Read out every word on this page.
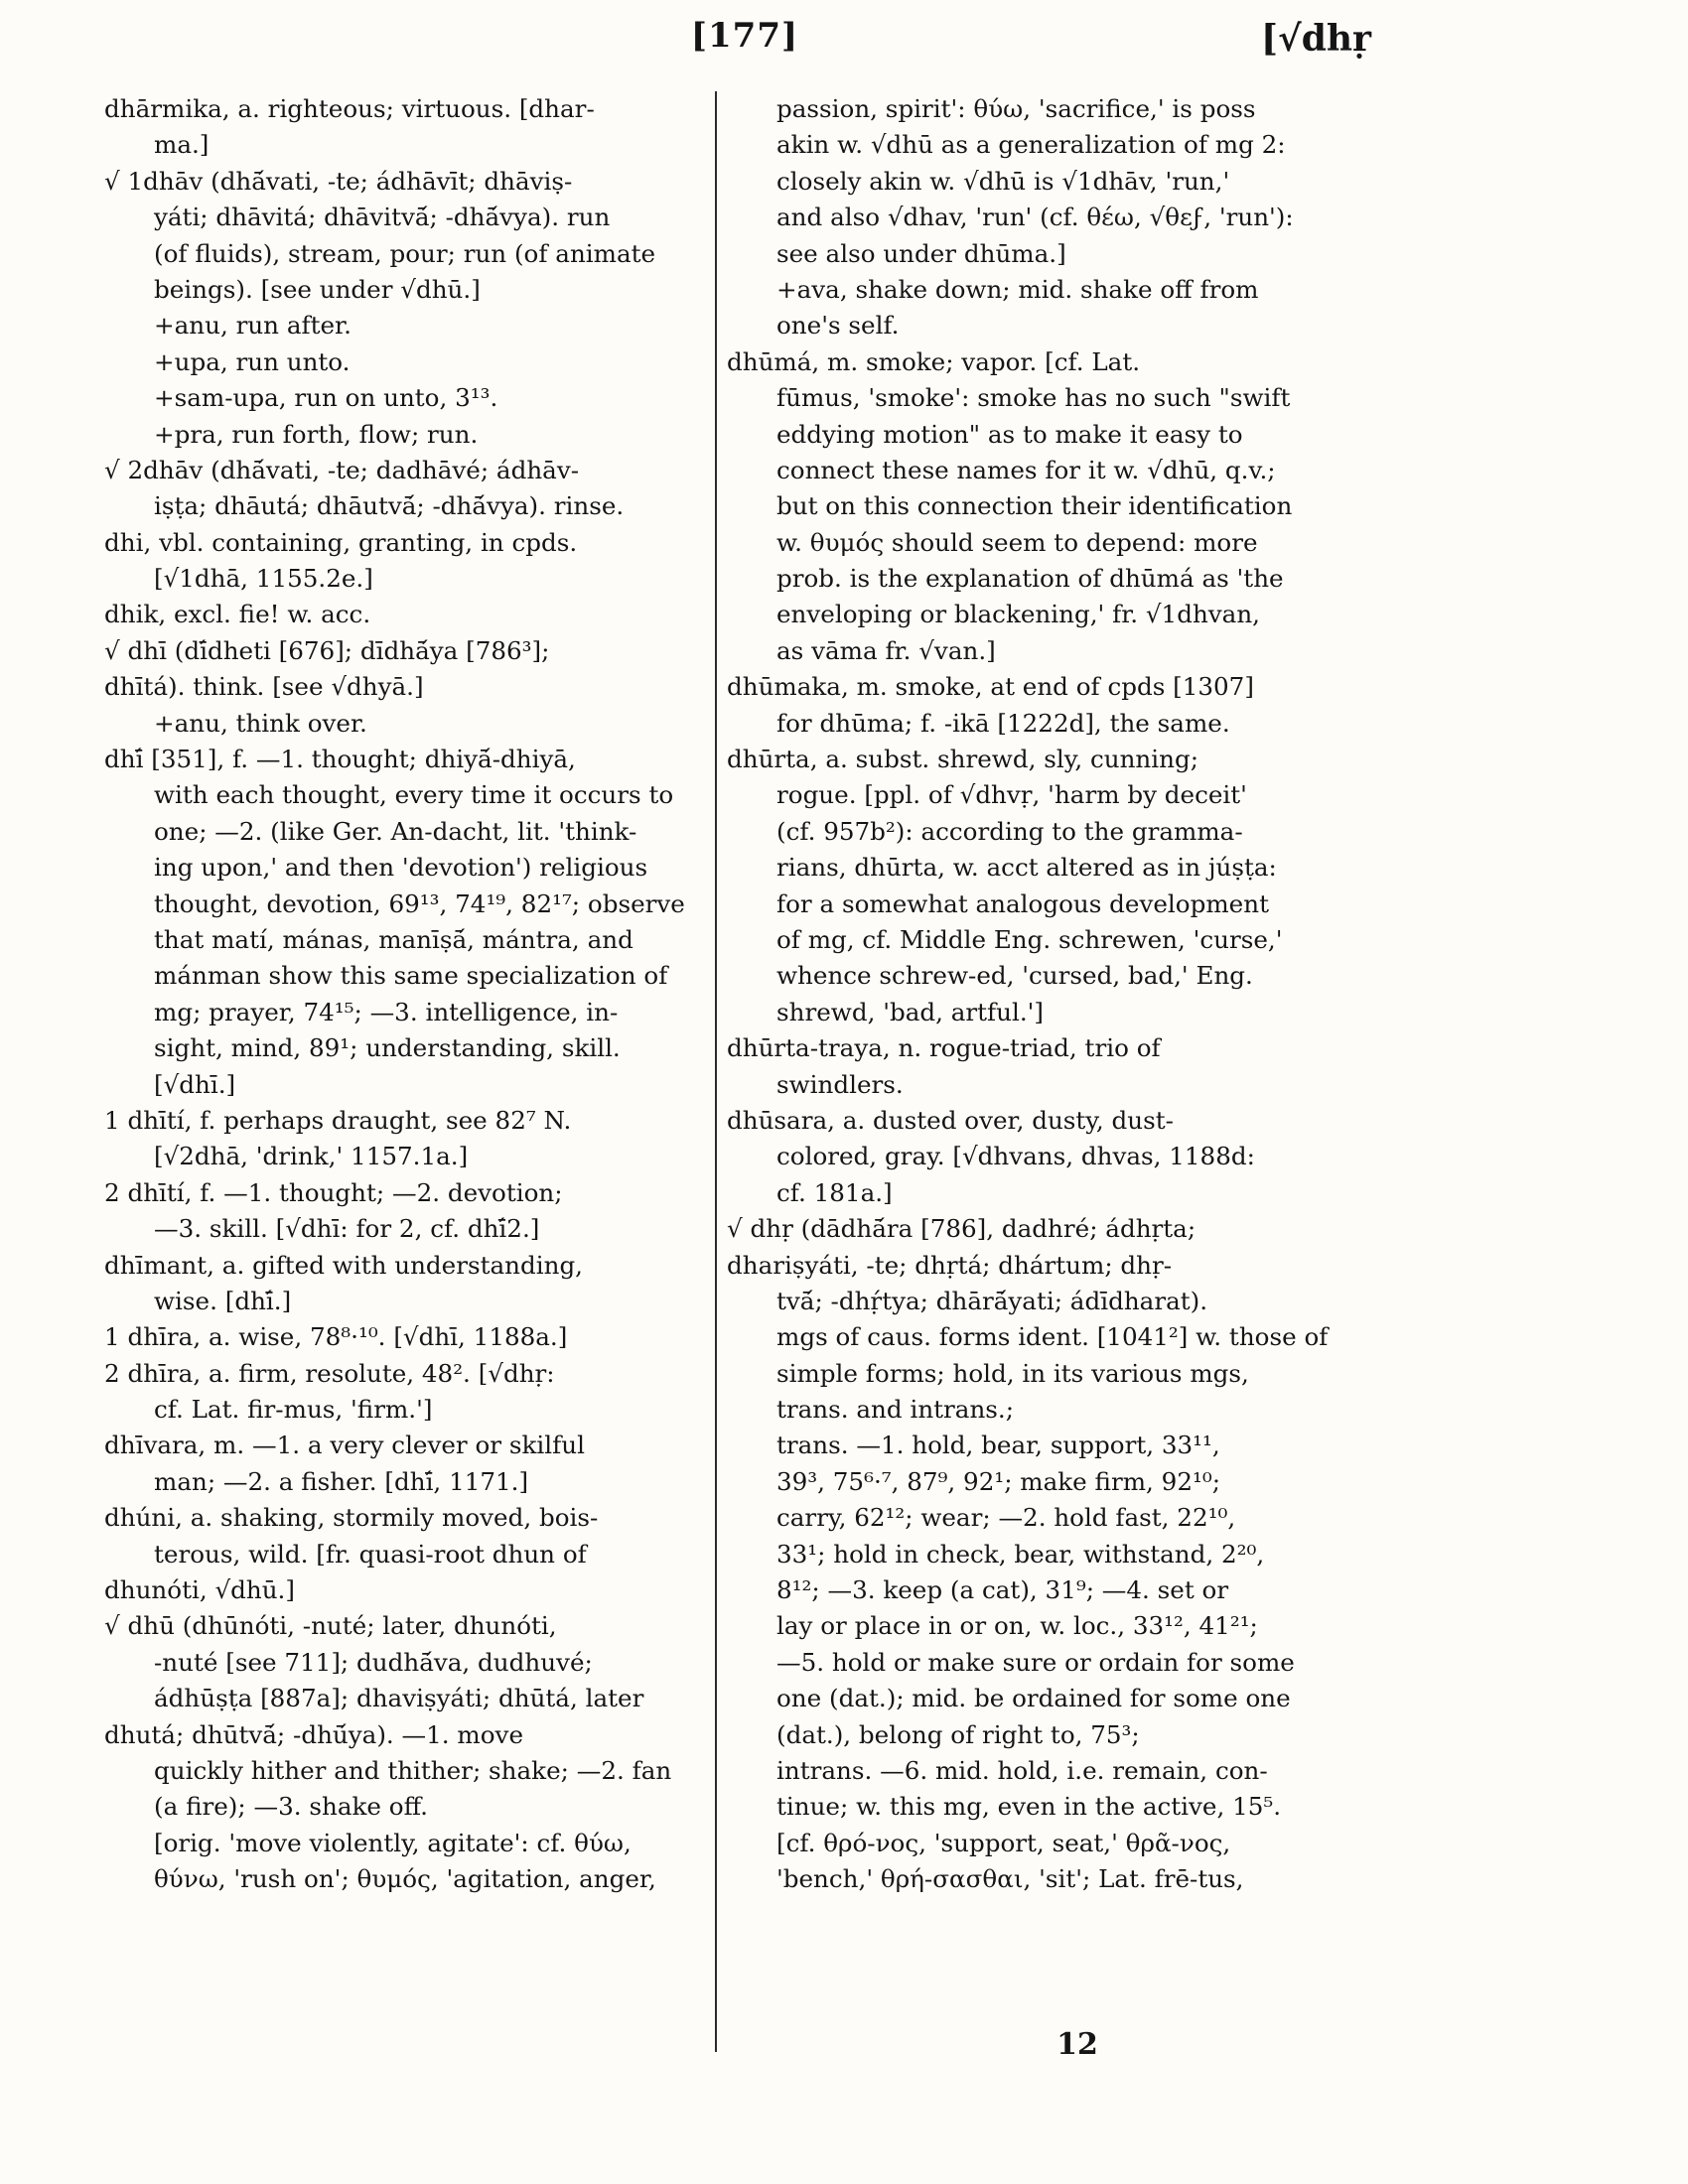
[177]	[√dhṛ
dhārmika, a. righteous; virtuous. [dhar-
ma.]
√ 1dhāv (dhā́vati, -te; ádhāvīt; dhāviṣ-
yáti; dhāvitá; dhāvitvā́; -dhā́vya). run
(of fluids), stream, pour; run (of animate
beings). [see under √dhū.]
+anu, run after.
+upa, run unto.
+sam-upa, run on unto, 3¹³.
+pra, run forth, flow; run.
√ 2dhāv (dhā́vati, -te; dadhāvé; ádhāv-
iṣṭa; dhāutá; dhāutvā́; -dhā́vya). rinse.
dhi, vbl. containing, granting, in cpds.
[√1dhā, 1155.2e.]
dhik, excl. fie! w. acc.
√ dhī (dī́dheti [676]; dīdhā́ya [786³];
dhītá). think. [see √dhyā.]
+anu, think over.
dhī́ [351], f. —1. thought; dhiyā́-dhiyā,
with each thought, every time it occurs to
one; —2. (like Ger. An-dacht, lit. 'think-
ing upon,' and then 'devotion') religious
thought, devotion, 69¹³, 74¹⁹, 82¹⁷; observe
that matí, mánas, manīṣā́, mántra, and
mánman show this same specialization of
mg; prayer, 74¹⁵; —3. intelligence, in-
sight, mind, 89¹; understanding, skill.
[√dhī.]
1 dhītí, f. perhaps draught, see 82⁷ N.
[√2dhā, 'drink,' 1157.1a.]
2 dhītí, f. —1. thought; —2. devotion;
—3. skill. [√dhī: for 2, cf. dhī́2.]
dhīmant, a. gifted with understanding,
wise. [dhī́.]
1 dhīra, a. wise, 78⁸·¹⁰. [√dhī, 1188a.]
2 dhīra, a. firm, resolute, 48². [√dhṛ:
cf. Lat. fir-mus, 'firm.']
dhīvara, m. —1. a very clever or skilful
man; —2. a fisher. [dhī́, 1171.]
dhúni, a. shaking, stormily moved, bois-
terous, wild. [fr. quasi-root dhun of
dhunóti, √dhū.]
√ dhū (dhūnóti, -nuté; later, dhunóti,
-nuté [see 711]; dudhā́va, dudhuvé;
ádhūṣṭa [887a]; dhaviṣyáti; dhūtá, later
dhutá; dhūtvā́; -dhū́ya). —1. move
quickly hither and thither; shake; —2. fan
(a fire); —3. shake off.
[orig. 'move violently, agitate': cf. θύω,
θύνω, 'rush on'; θυμός, 'agitation, anger,
passion, spirit': θύω, 'sacrifice,' is poss
akin w. √dhū as a generalization of mg 2:
closely akin w. √dhū is √1dhāv, 'run,'
and also √dhav, 'run' (cf. θέω, √θεϝ, 'run'):
see also under dhūma.]
+ava, shake down; mid. shake off from
one's self.
dhūmá, m. smoke; vapor. [cf. Lat.
fūmus, 'smoke': smoke has no such "swift
eddying motion" as to make it easy to
connect these names for it w. √dhū, q.v.;
but on this connection their identification
w. θυμός should seem to depend: more
prob. is the explanation of dhūmá as 'the
enveloping or blackening,' fr. √1dhvan,
as vāma fr. √van.]
dhūmaka, m. smoke, at end of cpds [1307]
for dhūma; f. -ikā [1222d], the same.
dhūrta, a. subst. shrewd, sly, cunning;
rogue. [ppl. of √dhvṛ, 'harm by deceit'
(cf. 957b²): according to the gramma-
rians, dhūrta, w. acct altered as in júṣṭa:
for a somewhat analogous development
of mg, cf. Middle Eng. schrewen, 'curse,'
whence schrew-ed, 'cursed, bad,' Eng.
shrewd, 'bad, artful.']
dhūrta-traya, n. rogue-triad, trio of
swindlers.
dhūsara, a. dusted over, dusty, dust-
colored, gray. [√dhvans, dhvas, 1188d:
cf. 181a.]
√ dhṛ (dādhā́ra [786], dadhré; ádhṛta;
dhariṣyáti, -te; dhṛtá; dhártum; dhṛ-
tvā́; -dhṛ́tya; dhārā́yati; ádīdharat).
mgs of caus. forms ident. [1041²] w. those of
simple forms; hold, in its various mgs,
trans. and intrans.;
trans. —1. hold, bear, support, 33¹¹,
39³, 75⁶·⁷, 87⁹, 92¹; make firm, 92¹⁰;
carry, 62¹²; wear; —2. hold fast, 22¹⁰,
33¹; hold in check, bear, withstand, 2²⁰,
8¹²; —3. keep (a cat), 31⁹; —4. set or
lay or place in or on, w. loc., 33¹², 41²¹;
—5. hold or make sure or ordain for some
one (dat.); mid. be ordained for some one
(dat.), belong of right to, 75³;
intrans. —6. mid. hold, i.e. remain, con-
tinue; w. this mg, even in the active, 15⁵.
[cf. θρό-νος, 'support, seat,' θρᾶ-νος,
'bench,' θρή-σασθαι, 'sit'; Lat. frē-tus,
12
